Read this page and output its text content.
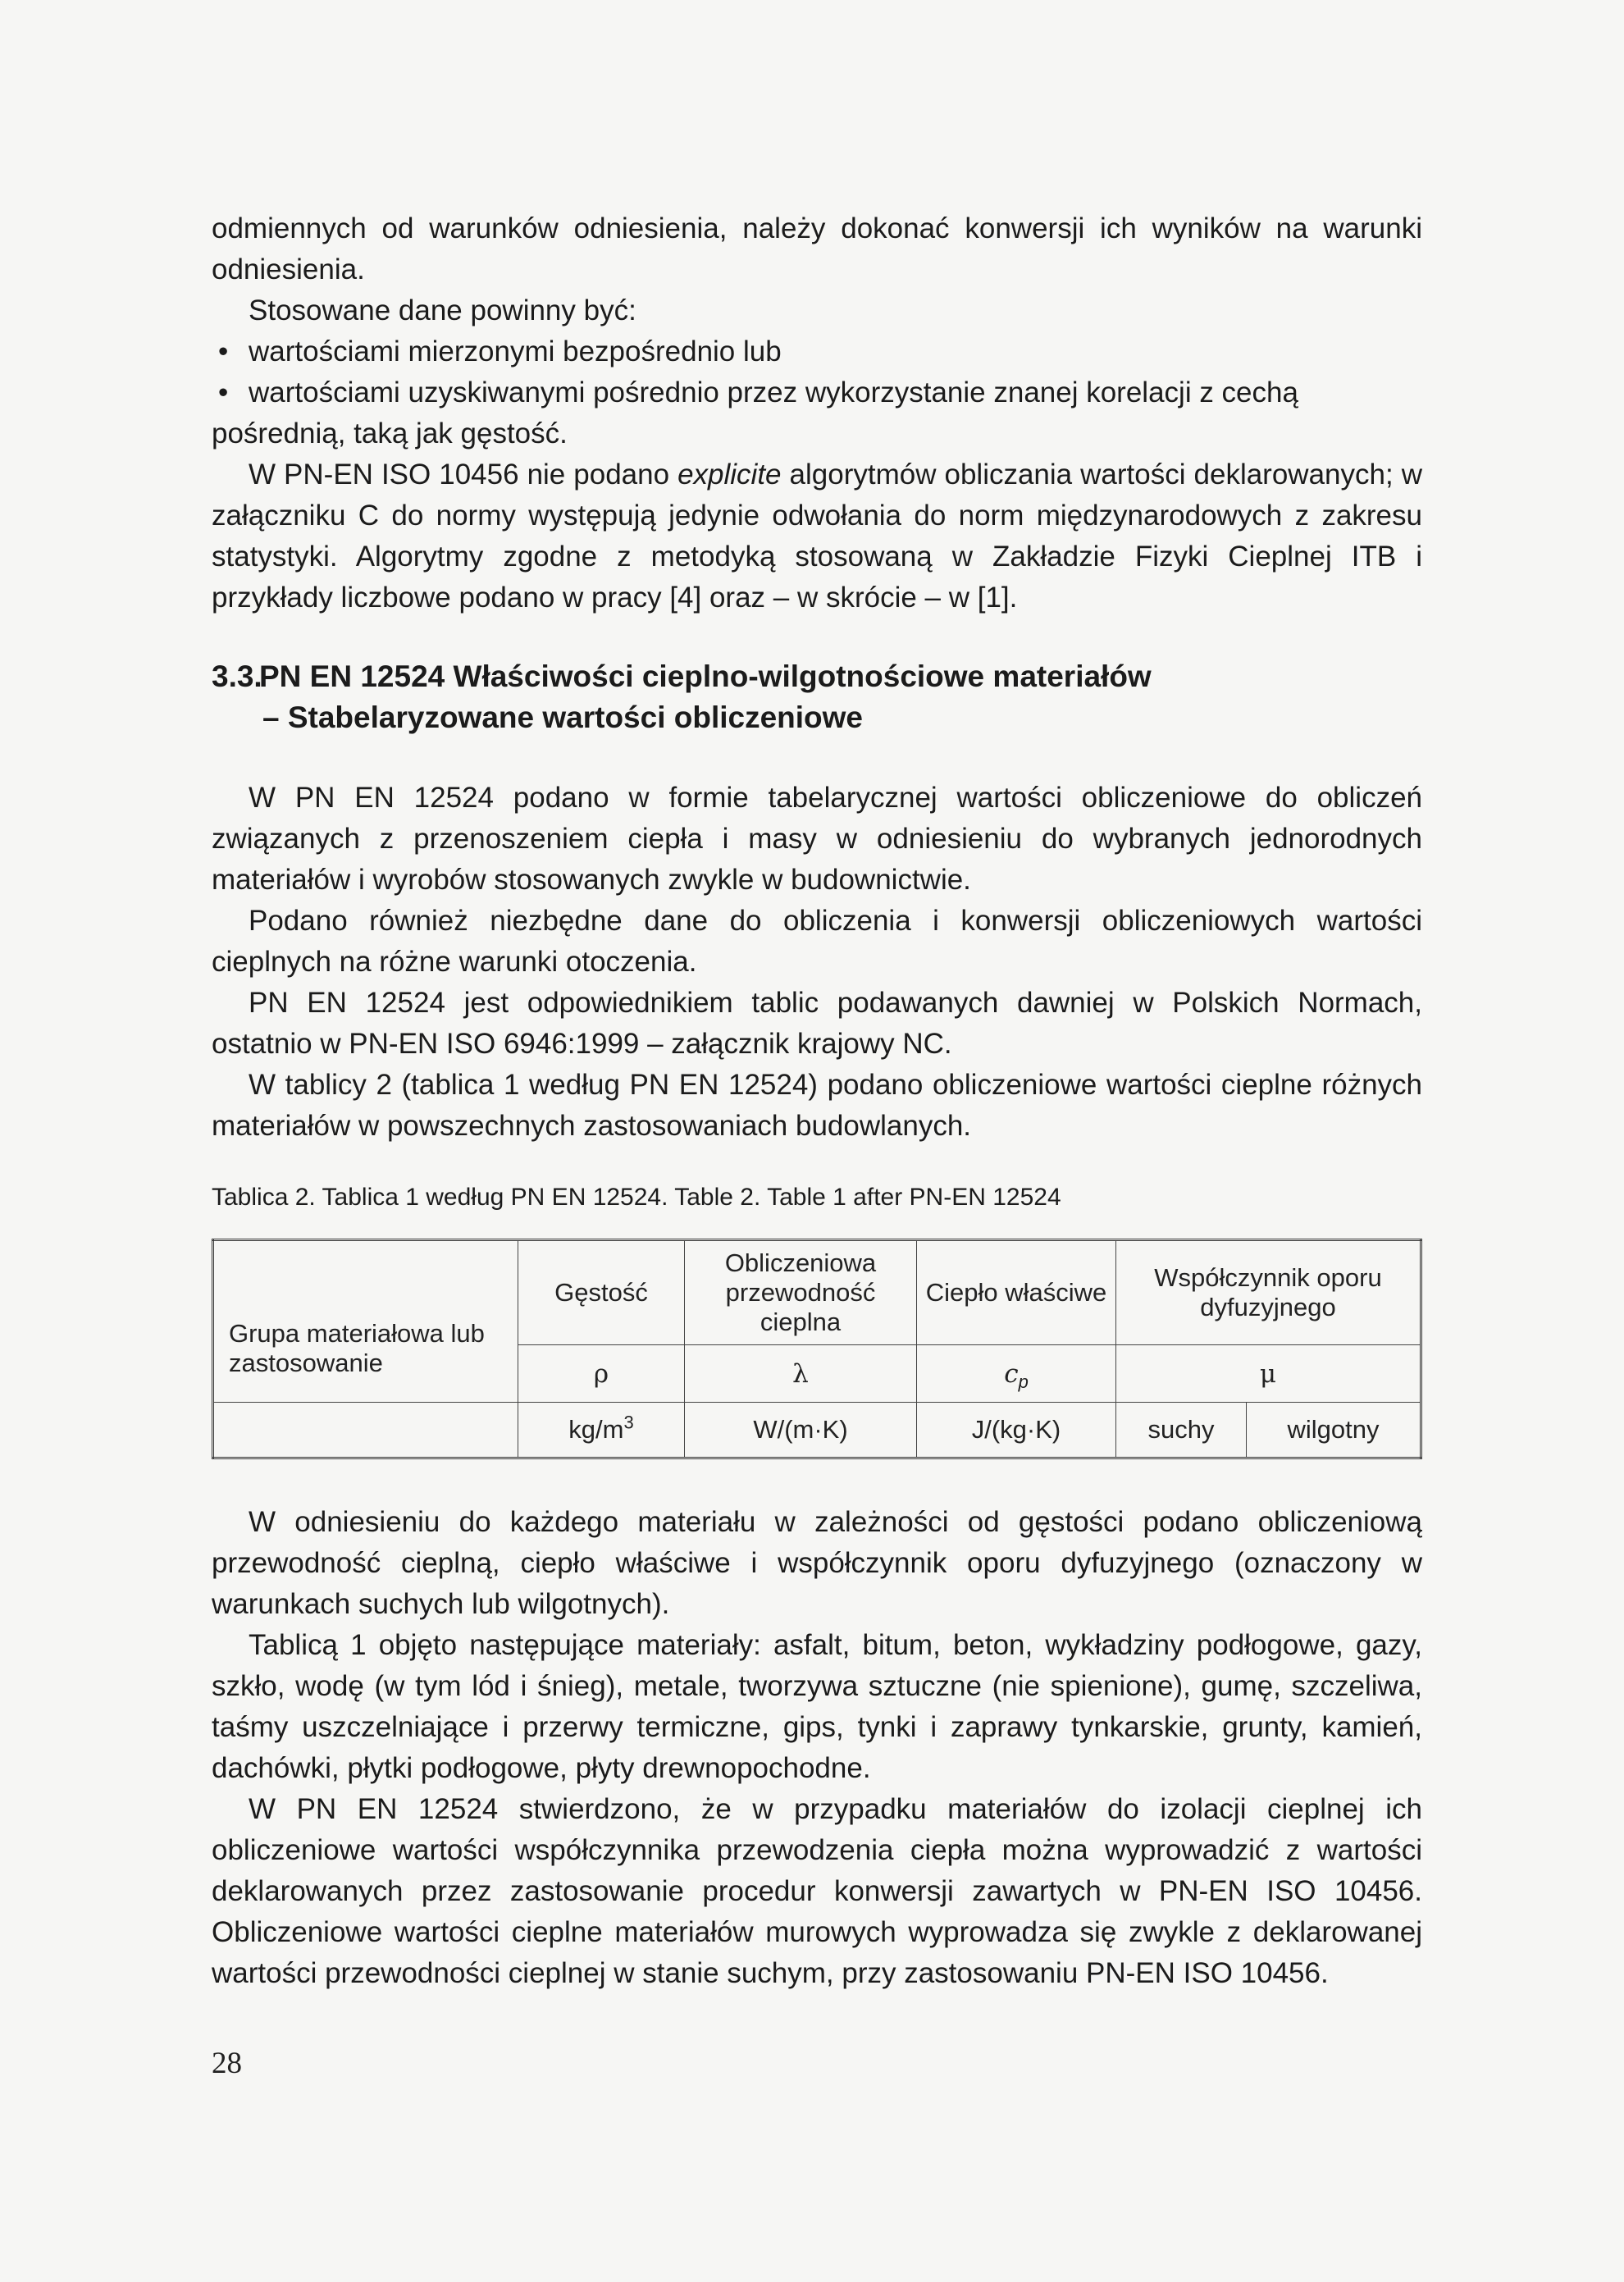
odmiennych od warunków odniesienia, należy dokonać konwersji ich wyników na warunki odniesienia.

Stosowane dane powinny być:

• wartościami mierzonymi bezpośrednio lub
• wartościami uzyskiwanymi pośrednio przez wykorzystanie znanej korelacji z cechą pośrednią, taką jak gęstość.

W PN-EN ISO 10456 nie podano explicite algorytmów obliczania wartości deklarowanych; w załączniku C do normy występują jedynie odwołania do norm międzynarodowych z zakresu statystyki. Algorytmy zgodne z metodyką stosowaną w Zakładzie Fizyki Cieplnej ITB i przykłady liczbowe podano w pracy [4] oraz – w skrócie – w [1].

3.3.
PN EN 12524 Właściwości cieplno-wilgotnościowe materiałów
– Stabelaryzowane wartości obliczeniowe

W PN EN 12524 podano w formie tabelarycznej wartości obliczeniowe do obliczeń związanych z przenoszeniem ciepła i masy w odniesieniu do wybranych jednorodnych materiałów i wyrobów stosowanych zwykle w budownictwie.

Podano również niezbędne dane do obliczenia i konwersji obliczeniowych wartości cieplnych na różne warunki otoczenia.

PN EN 12524 jest odpowiednikiem tablic podawanych dawniej w Polskich Normach, ostatnio w PN-EN ISO 6946:1999 – załącznik krajowy NC.

W tablicy 2 (tablica 1 według PN EN 12524) podano obliczeniowe wartości cieplne różnych materiałów w powszechnych zastosowaniach budowlanych.

Tablica 2. Tablica 1 według PN EN 12524. Table 2. Table 1 after PN-EN 12524
Grupa materiałowa lub zastosowanie	Gęstość	Obliczeniowa przewodność cieplna	Ciepło właściwe	Współczynnik oporu dyfuzyjnego	
	ρ	λ	$c_p$	μ	
	$kg/m^3$	W/(m·K)	J/(kg·K)	suchy	wilgotny

W odniesieniu do każdego materiału w zależności od gęstości podano obliczeniową przewodność cieplną, ciepło właściwe i współczynnik oporu dyfuzyjnego (oznaczony w warunkach suchych lub wilgotnych).

Tablicą 1 objęto następujące materiały: asfalt, bitum, beton, wykładziny podłogowe, gazy, szkło, wodę (w tym lód i śnieg), metale, tworzywa sztuczne (nie spienione), gumę, szczeliwa, taśmy uszczelniające i przerwy termiczne, gips, tynki i zaprawy tynkarskie, grunty, kamień, dachówki, płytki podłogowe, płyty drewnopochodne.

W PN EN 12524 stwierdzono, że w przypadku materiałów do izolacji cieplnej ich obliczeniowe wartości współczynnika przewodzenia ciepła można wyprowadzić z wartości deklarowanych przez zastosowanie procedur konwersji zawartych w PN-EN ISO 10456. Obliczeniowe wartości cieplne materiałów murowych wyprowadza się zwykle z deklarowanej wartości przewodności cieplnej w stanie suchym, przy zastosowaniu PN-EN ISO 10456.

28
